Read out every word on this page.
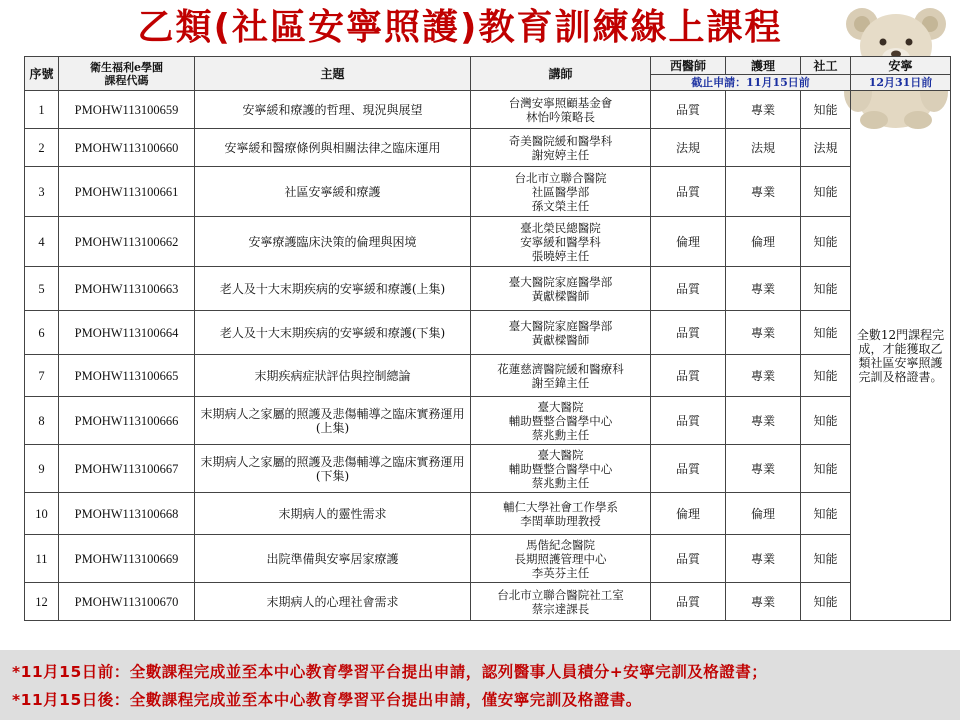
乙類(社區安寧照護)教育訓練線上課程
序號	衛生福利e學園
課程代碼	主題	講師	西醫師	護理	社工	安寧
				截止申請：11月15日前			12月31日前
1	PMOHW113100659	安寧緩和療護的哲理、現況與展望	台灣安寧照顧基金會
林怡吟策略長	品質	專業	知能	全數12門課程完成，才能獲取乙類社區安寧照護完訓及格證書。
2	PMOHW113100660	安寧緩和醫療條例與相關法律之臨床運用	奇美醫院緩和醫學科
謝宛婷主任	法規	法規	法規	
3	PMOHW113100661	社區安寧緩和療護	台北市立聯合醫院
社區醫學部
孫文榮主任	品質	專業	知能	
4	PMOHW113100662	安寧療護臨床決策的倫理與困境	臺北榮民總醫院
安寧緩和醫學科
張曉婷主任	倫理	倫理	知能	
5	PMOHW113100663	老人及十大末期疾病的安寧緩和療護(上集)	臺大醫院家庭醫學部
黃獻樑醫師	品質	專業	知能	
6	PMOHW113100664	老人及十大末期疾病的安寧緩和療護(下集)	臺大醫院家庭醫學部
黃獻樑醫師	品質	專業	知能	
7	PMOHW113100665	末期疾病症狀評估與控制總論	花蓮慈濟醫院緩和醫療科
謝至鍏主任	品質	專業	知能	
8	PMOHW113100666	末期病人之家屬的照護及悲傷輔導之臨床實務運用(上集)	臺大醫院
輔助暨整合醫學中心
蔡兆勳主任	品質	專業	知能	
9	PMOHW113100667	末期病人之家屬的照護及悲傷輔導之臨床實務運用(下集)	臺大醫院
輔助暨整合醫學中心
蔡兆勳主任	品質	專業	知能	
10	PMOHW113100668	末期病人的靈性需求	輔仁大學社會工作學系
李閏華助理教授	倫理	倫理	知能	
11	PMOHW113100669	出院準備與安寧居家療護	馬偕紀念醫院
長期照護管理中心
李英芬主任	品質	專業	知能	
12	PMOHW113100670	末期病人的心理社會需求	台北市立聯合醫院社工室
蔡宗達課長	品質	專業	知能	
*11月15日前：全數課程完成並至本中心教育學習平台提出申請，認列醫事人員積分+安寧完訓及格證書；
*11月15日後：全數課程完成並至本中心教育學習平台提出申請，僅安寧完訓及格證書。
